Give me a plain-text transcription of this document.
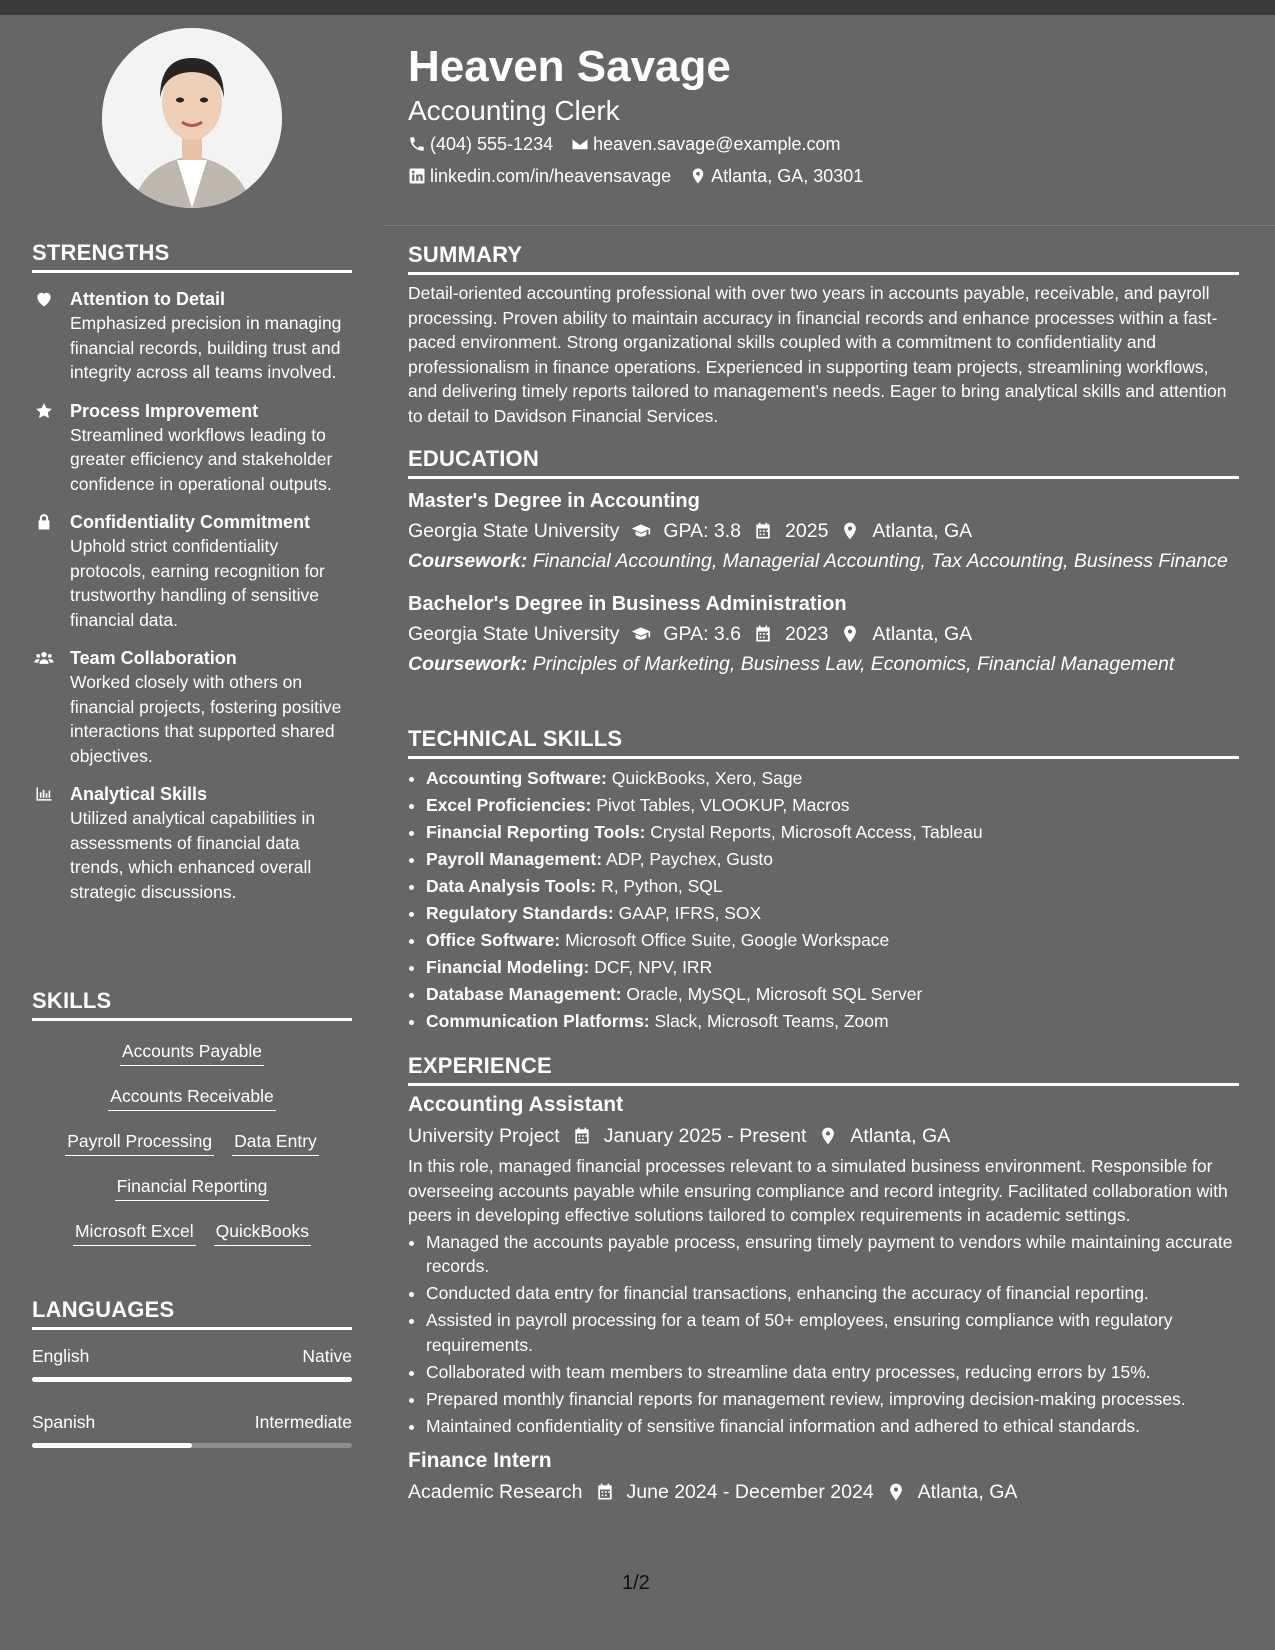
Heaven Savage
Accounting Clerk
(404) 555-1234 heaven.savage@example.com
linkedin.com/in/heavensavage Atlanta, GA, 30301
STRENGTHS
Attention to Detail
Emphasized precision in managing financial records, building trust and integrity across all teams involved.
Process Improvement
Streamlined workflows leading to greater efficiency and stakeholder confidence in operational outputs.
Confidentiality Commitment
Uphold strict confidentiality protocols, earning recognition for trustworthy handling of sensitive financial data.
Team Collaboration
Worked closely with others on financial projects, fostering positive interactions that supported shared objectives.
Analytical Skills
Utilized analytical capabilities in assessments of financial data trends, which enhanced overall strategic discussions.
SKILLS
Accounts Payable
Accounts Receivable
Payroll Processing Data Entry
Financial Reporting
Microsoft Excel QuickBooks
LANGUAGES
English	Native
Spanish	Intermediate
SUMMARY
Detail-oriented accounting professional with over two years in accounts payable, receivable, and payroll processing. Proven ability to maintain accuracy in financial records and enhance processes within a fast-paced environment. Strong organizational skills coupled with a commitment to confidentiality and professionalism in finance operations. Experienced in supporting team projects, streamlining workflows, and delivering timely reports tailored to management's needs. Eager to bring analytical skills and attention to detail to Davidson Financial Services.
EDUCATION
Master's Degree in Accounting
Georgia State University GPA: 3.8 2025 Atlanta, GA
Coursework: Financial Accounting, Managerial Accounting, Tax Accounting, Business Finance
Bachelor's Degree in Business Administration
Georgia State University GPA: 3.6 2023 Atlanta, GA
Coursework: Principles of Marketing, Business Law, Economics, Financial Management
TECHNICAL SKILLS
• Accounting Software: QuickBooks, Xero, Sage
• Excel Proficiencies: Pivot Tables, VLOOKUP, Macros
• Financial Reporting Tools: Crystal Reports, Microsoft Access, Tableau
• Payroll Management: ADP, Paychex, Gusto
• Data Analysis Tools: R, Python, SQL
• Regulatory Standards: GAAP, IFRS, SOX
• Office Software: Microsoft Office Suite, Google Workspace
• Financial Modeling: DCF, NPV, IRR
• Database Management: Oracle, MySQL, Microsoft SQL Server
• Communication Platforms: Slack, Microsoft Teams, Zoom
EXPERIENCE
Accounting Assistant
University Project January 2025 - Present Atlanta, GA
In this role, managed financial processes relevant to a simulated business environment. Responsible for overseeing accounts payable while ensuring compliance and record integrity. Facilitated collaboration with peers in developing effective solutions tailored to complex requirements in academic settings.
• Managed the accounts payable process, ensuring timely payment to vendors while maintaining accurate records.
• Conducted data entry for financial transactions, enhancing the accuracy of financial reporting.
• Assisted in payroll processing for a team of 50+ employees, ensuring compliance with regulatory requirements.
• Collaborated with team members to streamline data entry processes, reducing errors by 15%.
• Prepared monthly financial reports for management review, improving decision-making processes.
• Maintained confidentiality of sensitive financial information and adhered to ethical standards.
Finance Intern
Academic Research June 2024 - December 2024 Atlanta, GA
1/2
